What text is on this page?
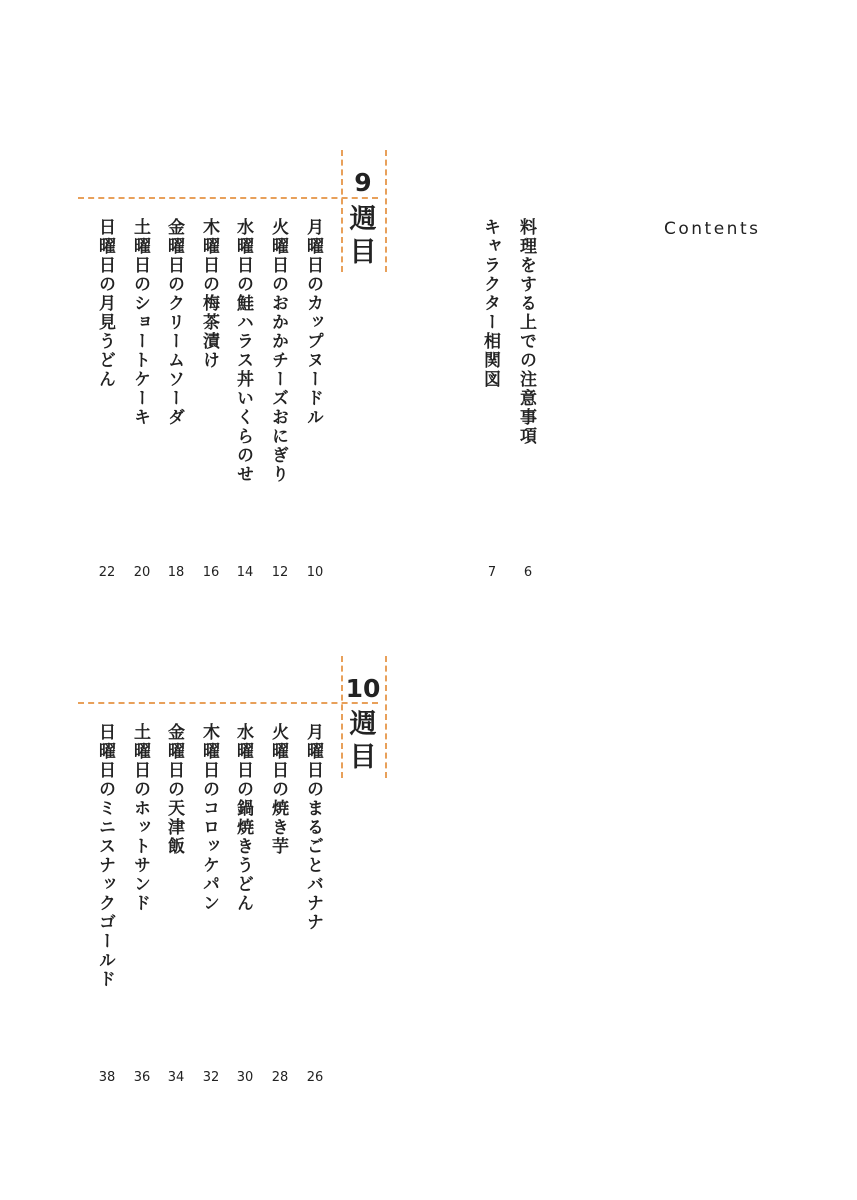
Contents
料理をする上での注意事項
6
キャラクター相関図
7
9
週
目
月曜日のカップヌードル
10
火曜日のおかかチーズおにぎり
12
水曜日の鮭ハラス丼いくらのせ
14
木曜日の梅茶漬け
16
金曜日のクリームソーダ
18
土曜日のショートケーキ
20
日曜日の月見うどん
22
10
週
目
月曜日のまるごとバナナ
26
火曜日の焼き芋
28
水曜日の鍋焼きうどん
30
木曜日のコロッケパン
32
金曜日の天津飯
34
土曜日のホットサンド
36
日曜日のミニスナックゴールド
38
